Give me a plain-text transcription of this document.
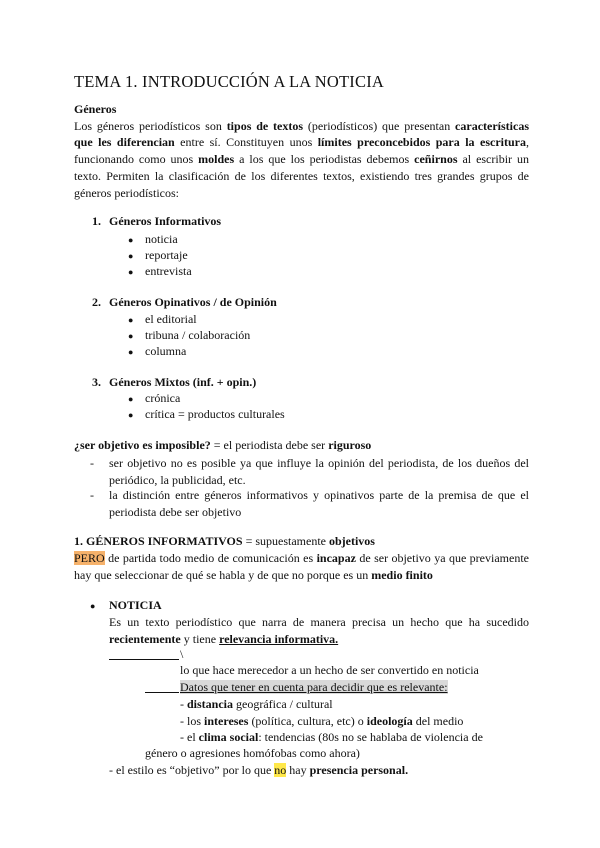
TEMA 1. INTRODUCCIÓN A LA NOTICIA
Géneros
Los géneros periodísticos son tipos de textos (periodísticos) que presentan características
que les diferencian entre sí. Constituyen unos límites preconcebidos para la escritura,
funcionando como unos moldes a los que los periodistas debemos ceñirnos al escribir un
texto. Permiten la clasificación de los diferentes textos, existiendo tres grandes grupos de
géneros periodísticos:
1. Géneros Informativos
● noticia
● reportaje
● entrevista
2. Géneros Opinativos / de Opinión
● el editorial
● tribuna / colaboración
● columna
3. Géneros Mixtos (inf. + opin.)
● crónica
● crítica = productos culturales
¿ser objetivo es imposible? = el periodista debe ser riguroso
- ser objetivo no es posible ya que influye la opinión del periodista, de los dueños del
periódico, la publicidad, etc.
- la distinción entre géneros informativos y opinativos parte de la premisa de que el
periodista debe ser objetivo
1. GÉNEROS INFORMATIVOS = supuestamente objetivos
PERO de partida todo medio de comunicación es incapaz de ser objetivo ya que previamente
hay que seleccionar de qué se habla y de que no porque es un medio finito
● NOTICIA
Es un texto periodístico que narra de manera precisa un hecho que ha sucedido
recientemente y tiene relevancia informativa.
\
lo que hace merecedor a un hecho de ser convertido en noticia
Datos que tener en cuenta para decidir que es relevante:
- distancia geográfica / cultural
- los intereses (política, cultura, etc) o ideología del medio
- el clima social: tendencias (80s no se hablaba de violencia de
género o agresiones homófobas como ahora)
- el estilo es “objetivo” por lo que no hay presencia personal.
